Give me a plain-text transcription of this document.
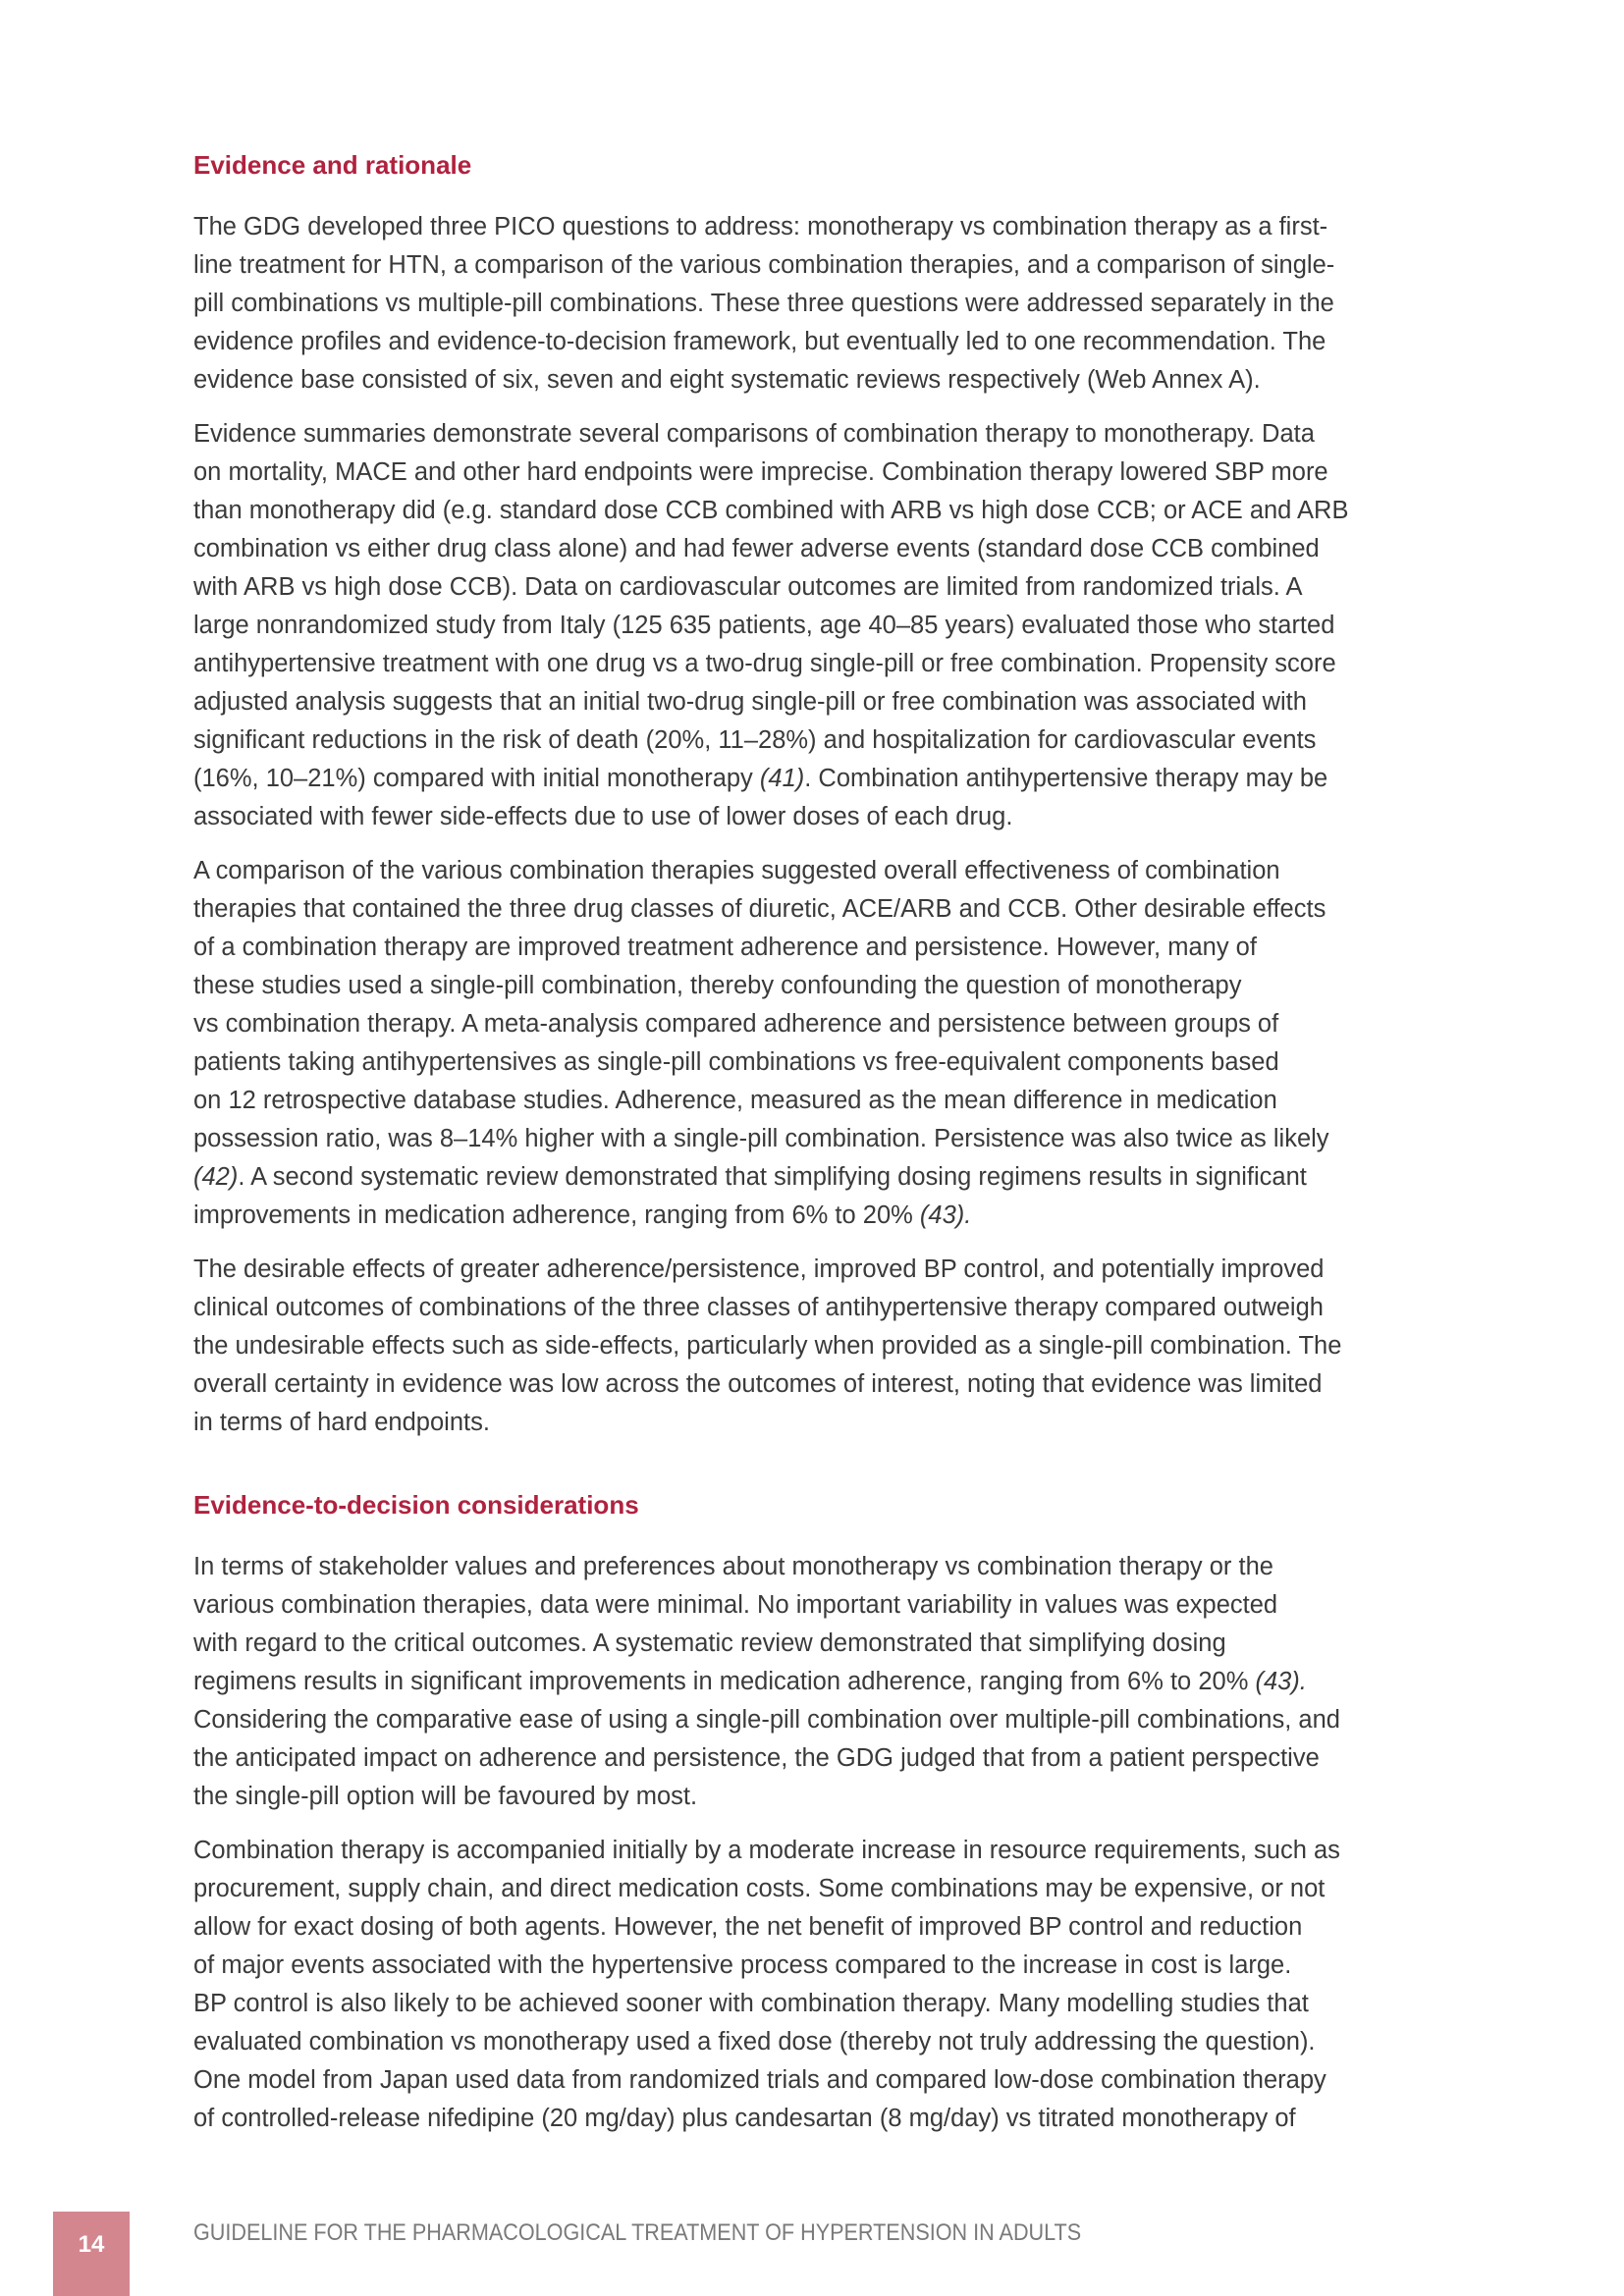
Evidence and rationale

The GDG developed three PICO questions to address: monotherapy vs combination therapy as a first-

line treatment for HTN, a comparison of the various combination therapies, and a comparison of single-

pill combinations vs multiple-pill combinations. These three questions were addressed separately in the

evidence profiles and evidence-to-decision framework, but eventually led to one recommendation. The

evidence base consisted of six, seven and eight systematic reviews respectively (Web Annex A).

Evidence summaries demonstrate several comparisons of combination therapy to monotherapy. Data

on mortality, MACE and other hard endpoints were imprecise. Combination therapy lowered SBP more

than monotherapy did (e.g. standard dose CCB combined with ARB vs high dose CCB; or ACE and ARB

combination vs either drug class alone) and had fewer adverse events (standard dose CCB combined

with ARB vs high dose CCB). Data on cardiovascular outcomes are limited from randomized trials. A

large nonrandomized study from Italy (125 635 patients, age 40–85 years) evaluated those who started

antihypertensive treatment with one drug vs a two-drug single-pill or free combination. Propensity score

adjusted analysis suggests that an initial two-drug single-pill or free combination was associated with

significant reductions in the risk of death (20%, 11–28%) and hospitalization for cardiovascular events

(16%, 10–21%) compared with initial monotherapy (41). Combination antihypertensive therapy may be

associated with fewer side-effects due to use of lower doses of each drug.

A comparison of the various combination therapies suggested overall effectiveness of combination

therapies that contained the three drug classes of diuretic, ACE/ARB and CCB. Other desirable effects

of a combination therapy are improved treatment adherence and persistence. However, many of

these studies used a single-pill combination, thereby confounding the question of monotherapy

vs combination therapy. A meta-analysis compared adherence and persistence between groups of

patients taking antihypertensives as single-pill combinations vs free-equivalent components based

on 12 retrospective database studies. Adherence, measured as the mean difference in medication

possession ratio, was 8–14% higher with a single-pill combination. Persistence was also twice as likely

(42). A second systematic review demonstrated that simplifying dosing regimens results in significant

improvements in medication adherence, ranging from 6% to 20% (43).

The desirable effects of greater adherence/persistence, improved BP control, and potentially improved

clinical outcomes of combinations of the three classes of antihypertensive therapy compared outweigh

the undesirable effects such as side-effects, particularly when provided as a single-pill combination. The

overall certainty in evidence was low across the outcomes of interest, noting that evidence was limited

in terms of hard endpoints.

Evidence-to-decision considerations

In terms of stakeholder values and preferences about monotherapy vs combination therapy or the

various combination therapies, data were minimal. No important variability in values was expected

with regard to the critical outcomes. A systematic review demonstrated that simplifying dosing

regimens results in significant improvements in medication adherence, ranging from 6% to 20% (43).

Considering the comparative ease of using a single-pill combination over multiple-pill combinations, and

the anticipated impact on adherence and persistence, the GDG judged that from a patient perspective

the single-pill option will be favoured by most.

Combination therapy is accompanied initially by a moderate increase in resource requirements, such as

procurement, supply chain, and direct medication costs. Some combinations may be expensive, or not

allow for exact dosing of both agents. However, the net benefit of improved BP control and reduction

of major events associated with the hypertensive process compared to the increase in cost is large.

BP control is also likely to be achieved sooner with combination therapy. Many modelling studies that

evaluated combination vs monotherapy used a fixed dose (thereby not truly addressing the question).

One model from Japan used data from randomized trials and compared low-dose combination therapy

of controlled-release nifedipine (20 mg/day) plus candesartan (8 mg/day) vs titrated monotherapy of

14	GUIDELINE FOR THE PHARMACOLOGICAL TREATMENT OF HYPERTENSION IN ADULTS
